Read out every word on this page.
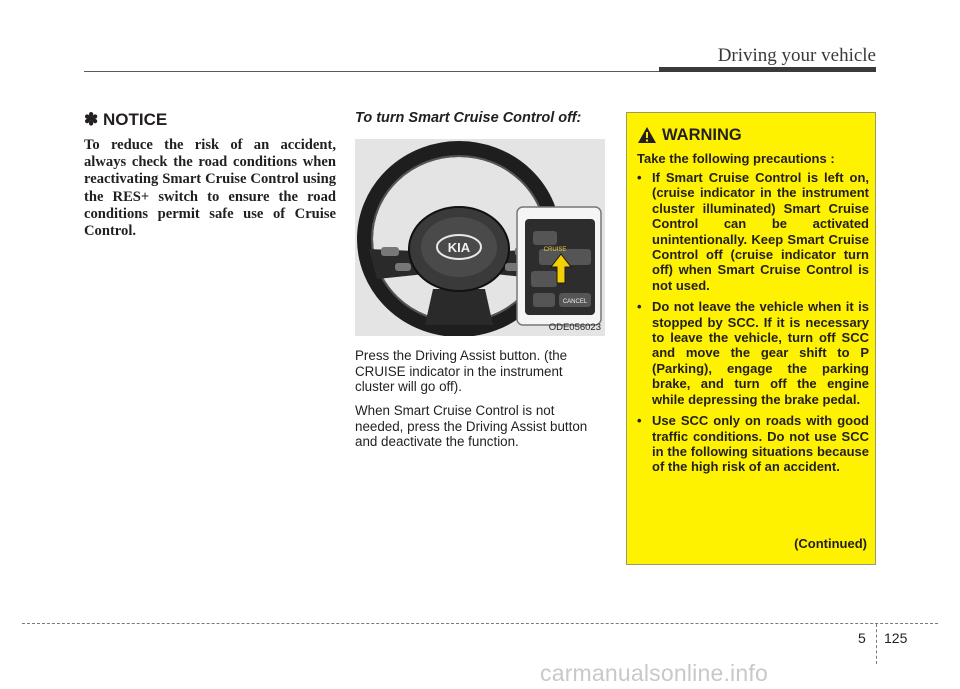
Driving your vehicle
✽ NOTICE
To reduce the risk of an accident, always check the road conditions when reactivating Smart Cruise Control using the RES+ switch to ensure the road conditions permit safe use of Cruise Control.
To turn Smart Cruise Control off:
KIA	CRUISE
CANCEL
ODE056023
Press the Driving Assist button. (the CRUISE indicator in the instrument cluster will go off).
When Smart Cruise Control is not needed, press the Driving Assist button and deactivate the function.
WARNING
Take the following precautions :
• If Smart Cruise Control is left on, (cruise indicator in the instrument cluster illuminated) Smart Cruise Control can be activated unintentionally. Keep Smart Cruise Control off (cruise indicator turn off) when Smart Cruise Control is not used.
• Do not leave the vehicle when it is stopped by SCC. If it is necessary to leave the vehicle, turn off SCC and move the gear shift to P (Parking), engage the parking brake, and turn off the engine while depressing the brake pedal.
• Use SCC only on roads with good traffic conditions. Do not use SCC in the following situations because of the high risk of an accident.
(Continued)
5 125
carmanualsonline.info
